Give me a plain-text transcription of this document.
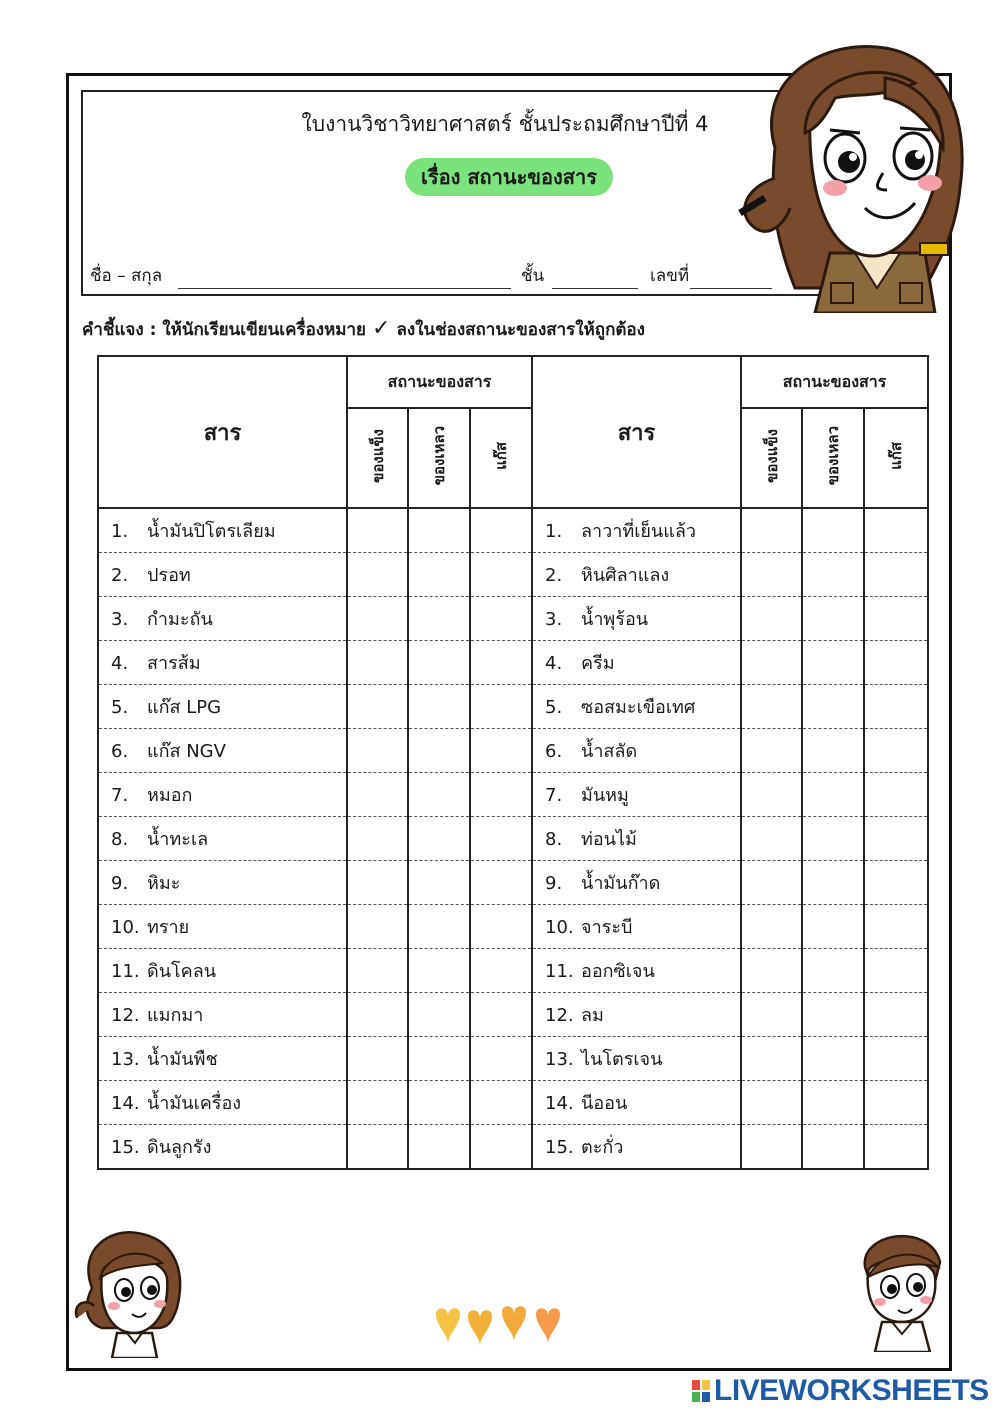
ใบงานวิชาวิทยาศาสตร์ ชั้นประถมศึกษาปีที่ 4
เรื่อง สถานะของสาร
ชื่อ – สกุล	ชั้น	เลขที่
คำชี้แจง : ให้นักเรียนเขียนเครื่องหมาย ✓ ลงในช่องสถานะของสารให้ถูกต้อง
สาร	สถานะของสาร			สาร	สถานะของสาร		
	ของแข็ง	ของเหลว	แก๊ส		ของแข็ง	ของเหลว	แก๊ส
1. น้ำมันปิโตรเลียม				1. ลาวาที่เย็นแล้ว			
2. ปรอท				2. หินศิลาแลง			
3. กำมะถัน				3. น้ำพุร้อน			
4. สารส้ม				4. ครีม			
5. แก๊ส LPG				5. ซอสมะเขือเทศ			
6. แก๊ส NGV				6. น้ำสลัด			
7. หมอก				7. มันหมู			
8. น้ำทะเล				8. ท่อนไม้			
9. หิมะ				9. น้ำมันก๊าด			
10. ทราย				10. จาระบี			
11. ดินโคลน				11. ออกซิเจน			
12. แมกมา				12. ลม			
13. น้ำมันพืช				13. ไนโตรเจน			
14. น้ำมันเครื่อง				14. นีออน			
15. ดินลูกรัง				15. ตะกั่ว			
LIVEWORKSHEETS
